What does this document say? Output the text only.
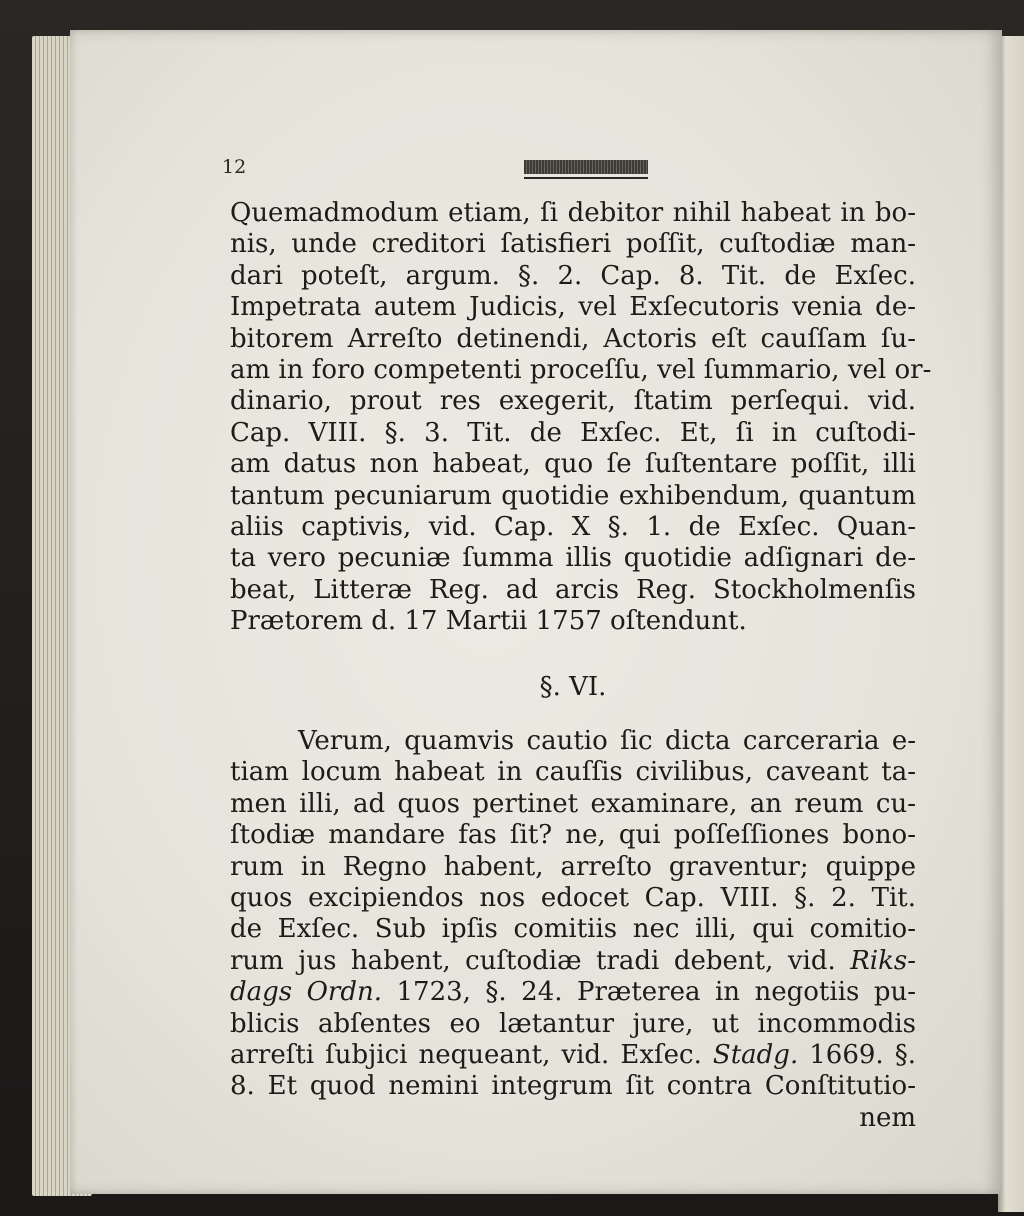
12

Quemadmodum etiam, ſi debitor nihil habeat in bo-
nis, unde creditori ſatisfieri poſſit, cuſtodiæ man-
dari poteſt, argum. §. 2. Cap. 8. Tit. de Exſec.
Impetrata autem Judicis, vel Exſecutoris venia de-
bitorem Arreſto detinendi, Actoris eſt cauſſam ſu-
am in foro competenti proceſſu, vel ſummario, vel or-
dinario, prout res exegerit, ſtatim perſequi. vid.
Cap. VIII. §. 3. Tit. de Exſec. Et, ſi in cuſtodi-
am datus non habeat, quo ſe ſuſtentare poſſit, illi
tantum pecuniarum quotidie exhibendum, quantum
aliis captivis, vid. Cap. X §. 1. de Exſec. Quan-
ta vero pecuniæ ſumma illis quotidie adſignari de-
beat, Litteræ Reg. ad arcis Reg. Stockholmenſis
Prætorem d. 17 Martii 1757 oſtendunt.

§. VI.

Verum, quamvis cautio ſic dicta carceraria e-
tiam locum habeat in cauſſis civilibus, caveant ta-
men illi, ad quos pertinet examinare, an reum cu-
ſtodiæ mandare fas ſit? ne, qui poſſeſſiones bono-
rum in Regno habent, arreſto graventur; quippe
quos excipiendos nos edocet Cap. VIII. §. 2. Tit.
de Exſec. Sub ipſis comitiis nec illi, qui comitio-
rum jus habent, cuſtodiæ tradi debent, vid. Riks-
dags Ordn. 1723, §. 24. Præterea in negotiis pu-
blicis abſentes eo lætantur jure, ut incommodis
arreſti ſubjici nequeant, vid. Exſec. Stadg. 1669. §.
8. Et quod nemini integrum ſit contra Conſtitutio-
nem
